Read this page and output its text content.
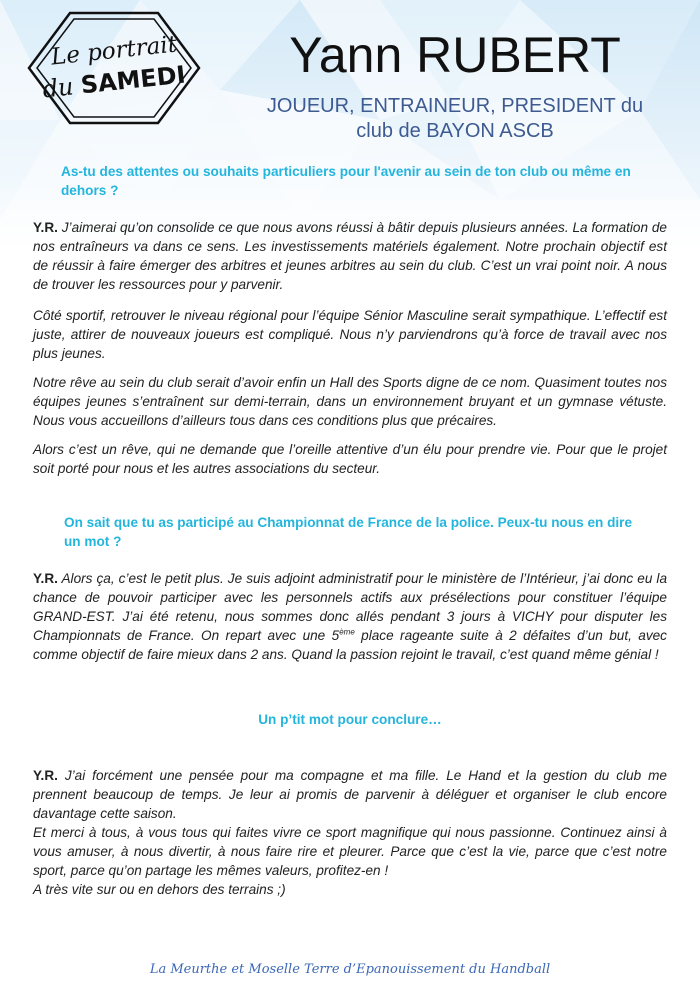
Le portrait
du SAMEDI	Yann RUBERT
JOUEUR, ENTRAINEUR, PRESIDENT du
club de BAYON ASCB
As-tu des attentes ou souhaits particuliers pour l'avenir au sein de ton club ou même en
dehors ?
Y.R. J’aimerai qu’on consolide ce que nous avons réussi à bâtir depuis plusieurs années. La formation de nos entraîneurs va dans ce sens. Les investissements matériels également. Notre prochain objectif est de réussir à faire émerger des arbitres et jeunes arbitres au sein du club. C’est un vrai point noir. A nous de trouver les ressources pour y parvenir.
Côté sportif, retrouver le niveau régional pour l’équipe Sénior Masculine serait sympathique. L’effectif est juste, attirer de nouveaux joueurs est compliqué. Nous n’y parviendrons qu’à force de travail avec nos plus jeunes.
Notre rêve au sein du club serait d’avoir enfin un Hall des Sports digne de ce nom. Quasiment toutes nos équipes jeunes s’entraînent sur demi-terrain, dans un environnement bruyant et un gymnase vétuste. Nous vous accueillons d’ailleurs tous dans ces conditions plus que précaires.
Alors c’est un rêve, qui ne demande que l’oreille attentive d’un élu pour prendre vie. Pour que le projet soit porté pour nous et les autres associations du secteur.
On sait que tu as participé au Championnat de France de la police. Peux-tu nous en dire
un mot ?
Y.R. Alors ça, c’est le petit plus. Je suis adjoint administratif pour le ministère de l’Intérieur, j’ai donc eu la chance de pouvoir participer avec les personnels actifs aux présélections pour constituer l’équipe GRAND-EST. J’ai été retenu, nous sommes donc allés pendant 3 jours à VICHY pour disputer les Championnats de France. On repart avec une 5ème place rageante suite à 2 défaites d’un but, avec comme objectif de faire mieux dans 2 ans. Quand la passion rejoint le travail, c’est quand même génial !
Un p’tit mot pour conclure…
Y.R. J’ai forcément une pensée pour ma compagne et ma fille. Le Hand et la gestion du club me prennent beaucoup de temps. Je leur ai promis de parvenir à déléguer et organiser le club encore davantage cette saison.
Et merci à tous, à vous tous qui faites vivre ce sport magnifique qui nous passionne. Continuez ainsi à vous amuser, à nous divertir, à nous faire rire et pleurer. Parce que c’est la vie, parce que c’est notre sport, parce qu’on partage les mêmes valeurs, profitez-en !
A très vite sur ou en dehors des terrains ;)
La Meurthe et Moselle Terre d’Epanouissement du Handball
